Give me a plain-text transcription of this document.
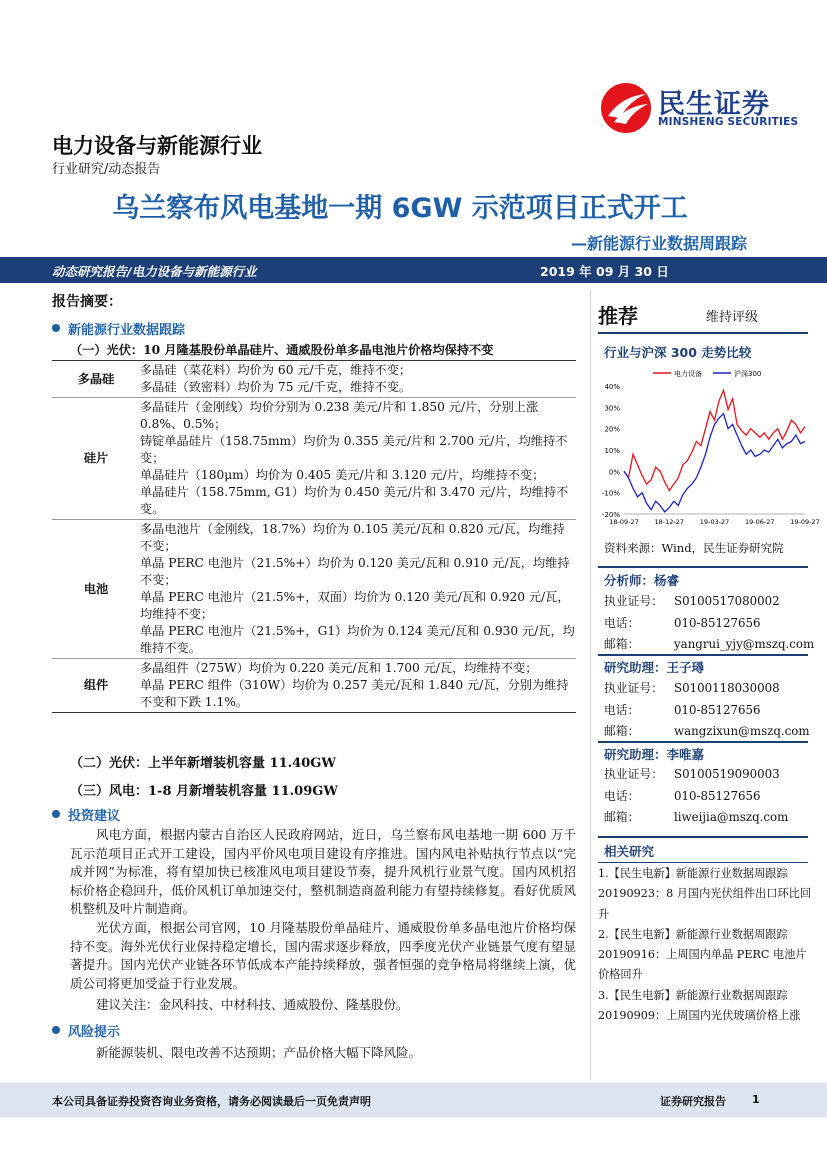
民生证券
MINSHENG SECURITIES
电力设备与新能源行业
行业研究/动态报告
乌兰察布风电基地一期 6GW 示范项目正式开工
—新能源行业数据周跟踪
动态研究报告/电力设备与新能源行业	2019 年 09 月 30 日
报告摘要：
新能源行业数据跟踪
（一）光伏：10 月隆基股份单晶硅片、通威股份单多晶电池片价格均保持不变	
多晶硅	多晶硅（菜花料）均价为 60 元/千克，维持不变；
多晶硅（致密料）均价为 75 元/千克，维持不变。

硅片	多晶硅片（金刚线）均价分别为 0.238 美元/片和 1.850 元/片，分别上涨 0.8%、0.5%；
铸锭单晶硅片（158.75mm）均价为 0.355 美元/片和 2.700 元/片，均维持不变；
单晶硅片（180μm）均价为 0.405 美元/片和 3.120 元/片，均维持不变；
单晶硅片（158.75mm, G1）均价为 0.450 美元/片和 3.470 元/片，均维持不变。

电池	多晶电池片（金刚线，18.7%）均价为 0.105 美元/瓦和 0.820 元/瓦，均维持不变；
单晶 PERC 电池片（21.5%+）均价为 0.120 美元/瓦和 0.910 元/瓦，均维持不变；
单晶 PERC 电池片（21.5%+，双面）均价为 0.120 美元/瓦和 0.920 元/瓦，均维持不变；
单晶 PERC 电池片（21.5%+，G1）均价为 0.124 美元/瓦和 0.930 元/瓦，均维持不变。

组件	多晶组件（275W）均价为 0.220 美元/瓦和 1.700 元/瓦，均维持不变；
单晶 PERC 组件（310W）均价为 0.257 美元/瓦和 1.840 元/瓦，分别为维持不变和下跌 1.1%。
（二）光伏：上半年新增装机容量 11.40GW
（三）风电：1-8 月新增装机容量 11.09GW
投资建议
风电方面，根据内蒙古自治区人民政府网站，近日，乌兰察布风电基地一期 600 万千瓦示范项目正式开工建设，国内平价风电项目建设有序推进。国内风电补贴执行节点以“完成并网”为标准，将有望加快已核准风电项目建设节奏，提升风机行业景气度。国内风机招标价格企稳回升，低价风机订单加速交付，整机制造商盈利能力有望持续修复。看好优质风机整机及叶片制造商。
光伏方面，根据公司官网，10 月隆基股份单晶硅片、通威股份单多晶电池片价格均保持不变。海外光伏行业保持稳定增长，国内需求逐步释放，四季度光伏产业链景气度有望显著提升。国内光伏产业链各环节低成本产能持续释放，强者恒强的竞争格局将继续上演，优质公司将更加受益于行业发展。
建议关注：金风科技、中材科技、通威股份、隆基股份。
风险提示
新能源装机、限电改善不达预期；产品价格大幅下降风险。
推荐	维持评级
行业与沪深 300 走势比较
40%
30%
20%
10%
0%
-10%
-20%
18-09-27 18-12-27 19-03-27 19-06-27 19-09-27
电力设备	沪深300
资料来源：Wind，民生证券研究院
分析师：杨睿
执业证号： S0100517080002
电话：	010-85127656
邮箱：	yangrui_yjy@mszq.com
研究助理：王子璕
执业证号： S0100118030008
电话：	010-85127656
邮箱：	wangzixun@mszq.com
研究助理：李唯嘉
执业证号： S0100519090003
电话：	010-85127656
邮箱：	liweijia@mszq.com
相关研究
1.【民生电新】新能源行业数据周跟踪 20190923：8 月国内光伏组件出口环比回升
2.【民生电新】新能源行业数据周跟踪 20190916：上周国内单晶 PERC 电池片价格回升
3.【民生电新】新能源行业数据周跟踪 20190909：上周国内光伏玻璃价格上涨
本公司具备证券投资咨询业务资格，请务必阅读最后一页免责声明	证券研究报告 1
